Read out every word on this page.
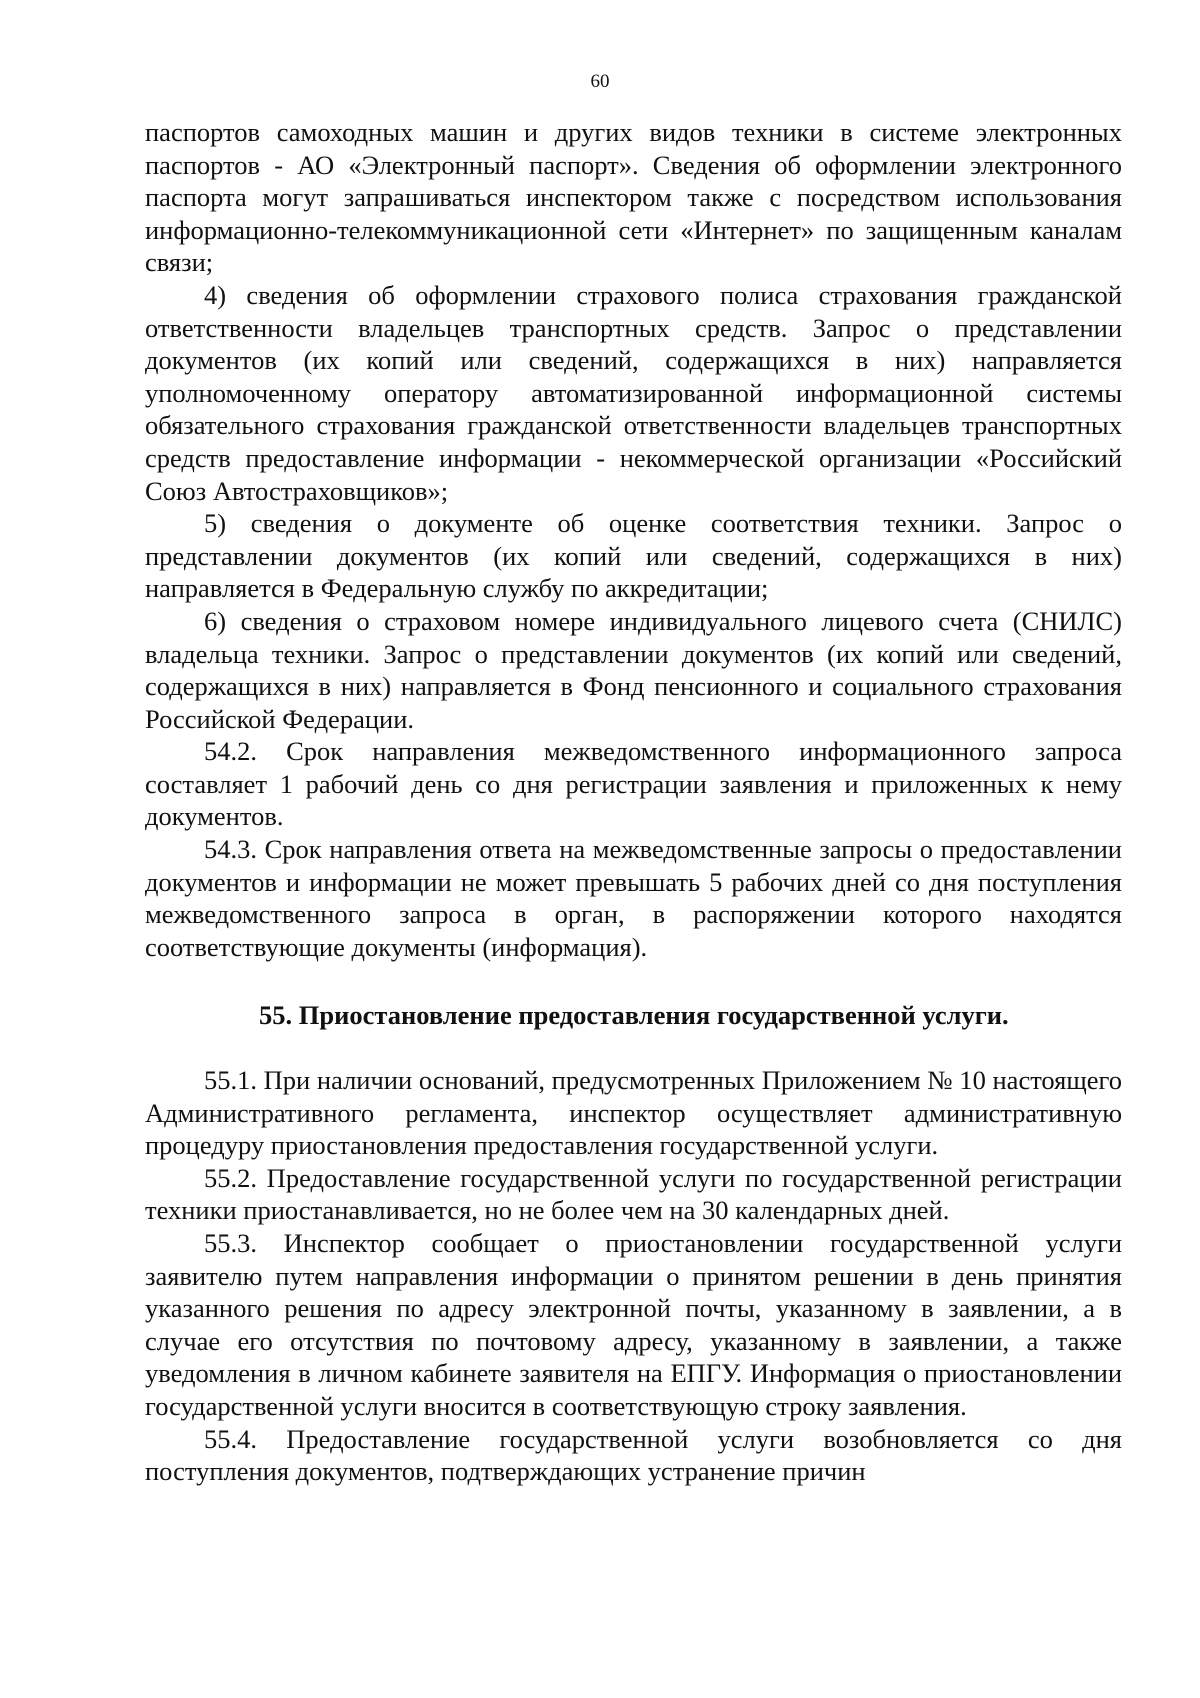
60

паспортов самоходных машин и других видов техники в системе электронных паспортов - АО «Электронный паспорт». Сведения об оформлении электронного паспорта могут запрашиваться инспектором также с посредством использования информационно-телекоммуникационной сети «Интернет» по защищенным каналам связи;

4) сведения об оформлении страхового полиса страхования гражданской ответственности владельцев транспортных средств. Запрос о представлении документов (их копий или сведений, содержащихся в них) направляется уполномоченному оператору автоматизированной информационной системы обязательного страхования гражданской ответственности владельцев транспортных средств предоставление информации - некоммерческой организации «Российский Союз Автостраховщиков»;

5) сведения о документе об оценке соответствия техники. Запрос о представлении документов (их копий или сведений, содержащихся в них) направляется в Федеральную службу по аккредитации;

6) сведения о страховом номере индивидуального лицевого счета (СНИЛС) владельца техники. Запрос о представлении документов (их копий или сведений, содержащихся в них) направляется в Фонд пенсионного и социального страхования Российской Федерации.

54.2. Срок направления межведомственного информационного запроса составляет 1 рабочий день со дня регистрации заявления и приложенных к нему документов.

54.3. Срок направления ответа на межведомственные запросы о предоставлении документов и информации не может превышать 5 рабочих дней со дня поступления межведомственного запроса в орган, в распоряжении которого находятся соответствующие документы (информация).

55. Приостановление предоставления государственной услуги.

55.1. При наличии оснований, предусмотренных Приложением № 10 настоящего Административного регламента, инспектор осуществляет административную процедуру приостановления предоставления государственной услуги.

55.2. Предоставление государственной услуги по государственной регистрации техники приостанавливается, но не более чем на 30 календарных дней.

55.3. Инспектор сообщает о приостановлении государственной услуги заявителю путем направления информации о принятом решении в день принятия указанного решения по адресу электронной почты, указанному в заявлении, а в случае его отсутствия по почтовому адресу, указанному в заявлении, а также уведомления в личном кабинете заявителя на ЕПГУ. Информация о приостановлении государственной услуги вносится в соответствующую строку заявления.

55.4. Предоставление государственной услуги возобновляется со дня поступления документов, подтверждающих устранение причин
